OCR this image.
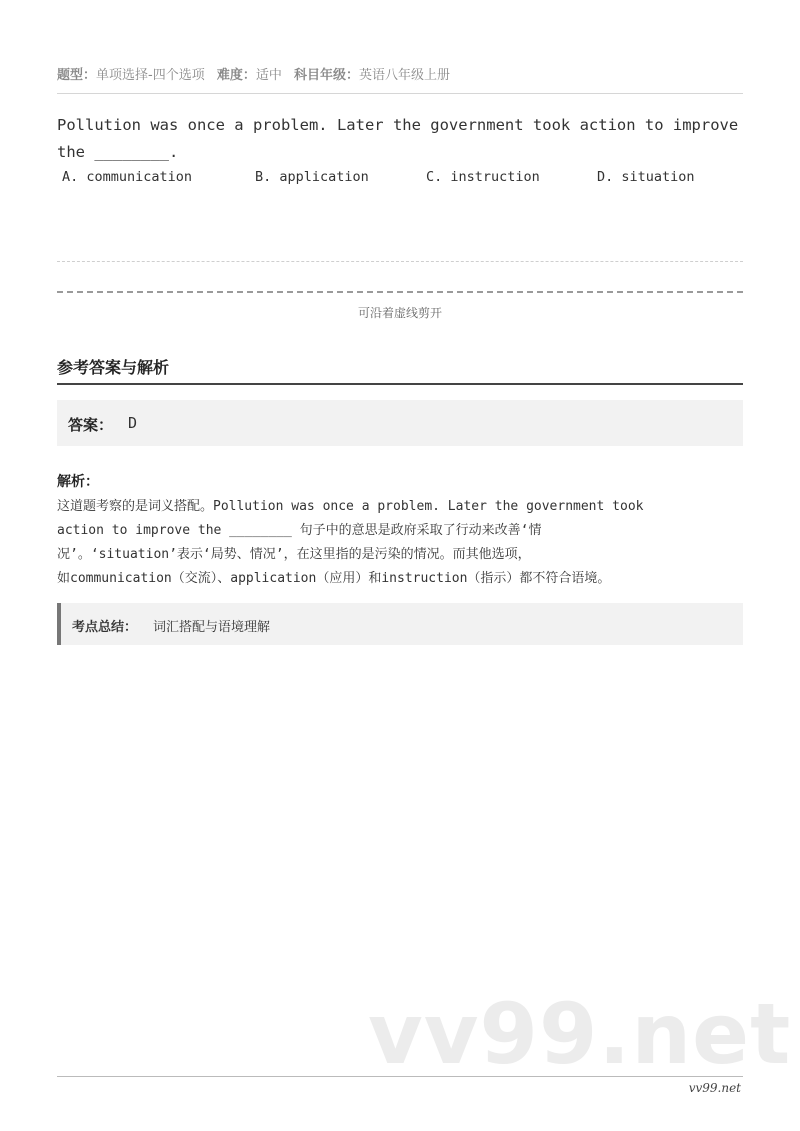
题型：单项选择-四个选项 难度：适中 科目年级：英语八年级上册
Pollution was once a problem. Later the government took action to improve the ________.
A. communication	B. application	C. instruction	D. situation
可沿着虚线剪开
参考答案与解析
答案： D
解析：
这道题考察的是词义搭配。Pollution was once a problem. Later the government took
action to improve the ________ 句子中的意思是政府采取了行动来改善‘情
况’。‘situation’表示‘局势、情况’，在这里指的是污染的情况。而其他选项，
如communication（交流）、application（应用）和instruction（指示）都不符合语境。
考点总结： 词汇搭配与语境理解
vv99.net
vv99.net
